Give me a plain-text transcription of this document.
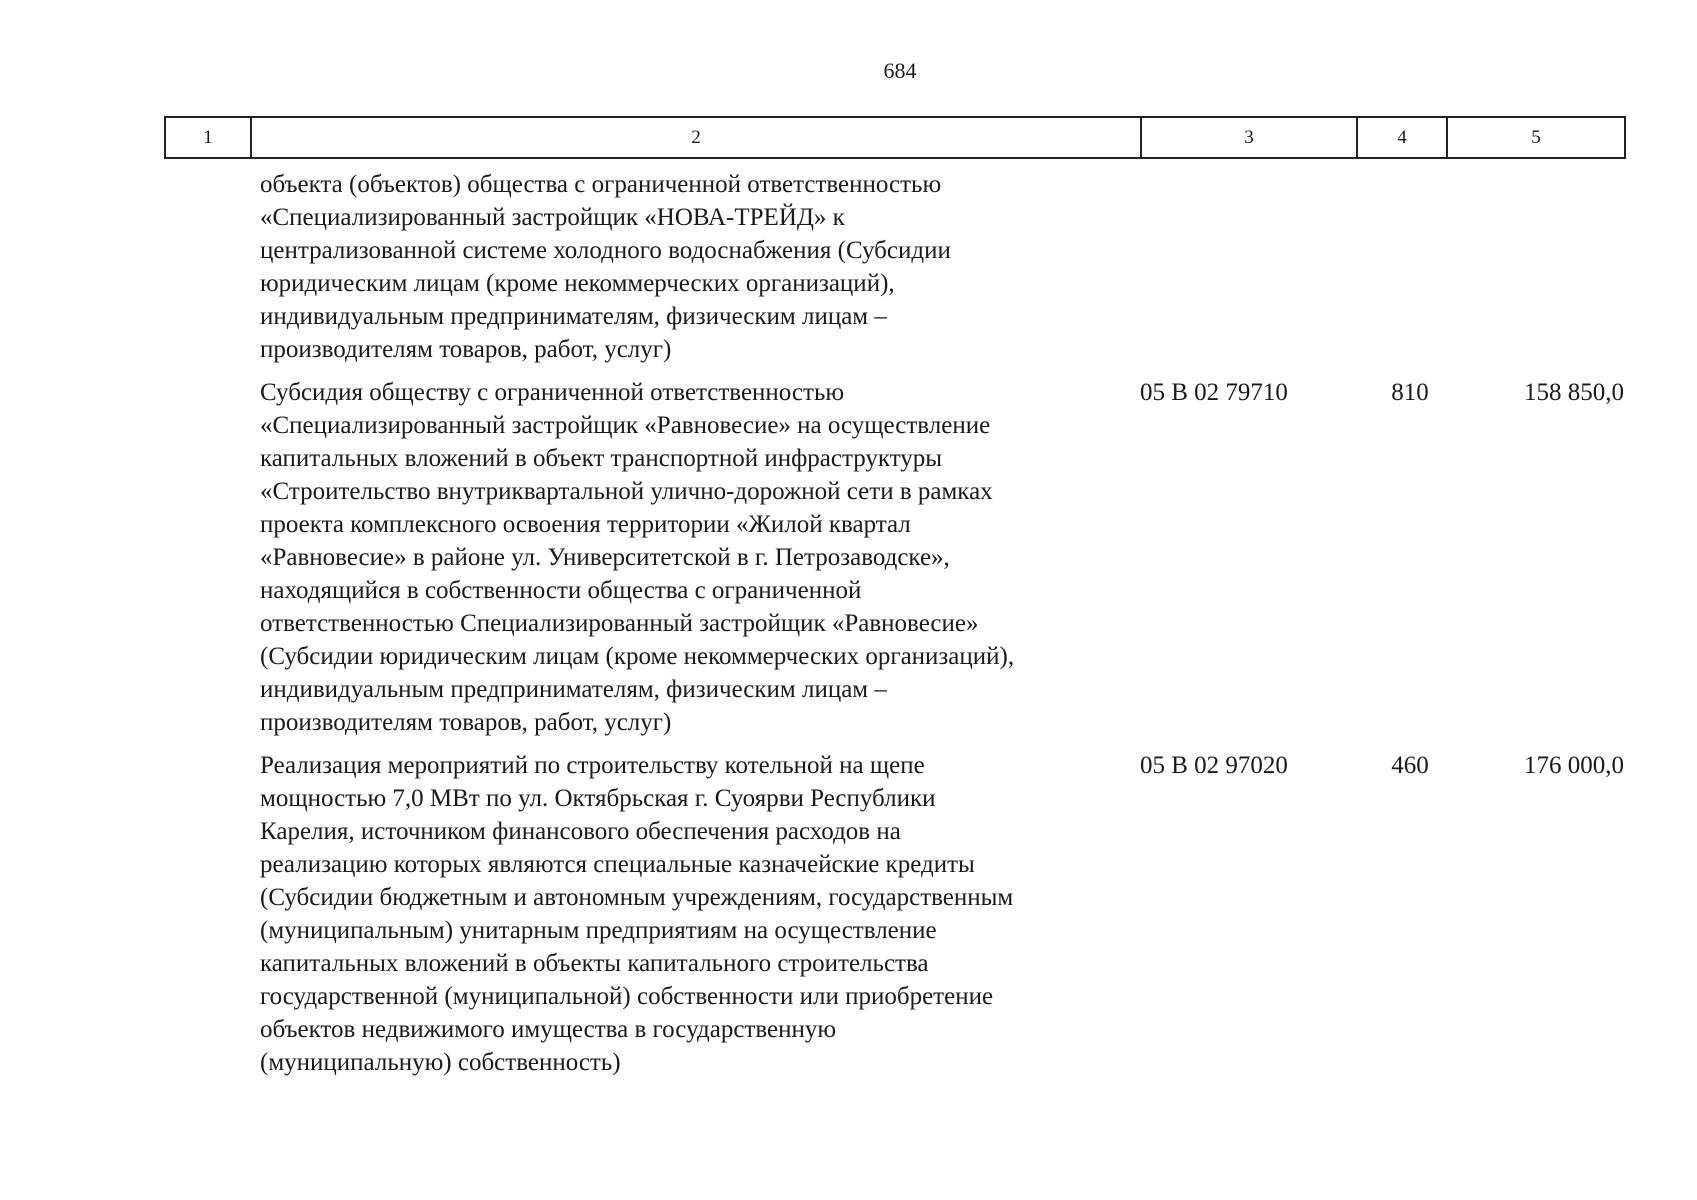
684
1	2	3	4	5
объекта (объектов) общества с ограниченной ответственностью
«Специализированный застройщик «НОВА-ТРЕЙД» к
централизованной системе холодного водоснабжения (Субсидии
юридическим лицам (кроме некоммерческих организаций),
индивидуальным предпринимателям, физическим лицам –
производителям товаров, работ, услуг)
Субсидия обществу с ограниченной ответственностью
«Специализированный застройщик «Равновесие» на осуществление
капитальных вложений в объект транспортной инфраструктуры
«Строительство внутриквартальной улично-дорожной сети в рамках
проекта комплексного освоения территории «Жилой квартал
«Равновесие» в районе ул. Университетской в г. Петрозаводске»,
находящийся в собственности общества с ограниченной
ответственностью Специализированный застройщик «Равновесие»
(Субсидии юридическим лицам (кроме некоммерческих организаций),
индивидуальным предпринимателям, физическим лицам –
производителям товаров, работ, услуг)
05 В 02 79710	810	158 850,0
Реализация мероприятий по строительству котельной на щепе
мощностью 7,0 МВт по ул. Октябрьская г. Суоярви Республики
Карелия, источником финансового обеспечения расходов на
реализацию которых являются специальные казначейские кредиты
(Субсидии бюджетным и автономным учреждениям, государственным
(муниципальным) унитарным предприятиям на осуществление
капитальных вложений в объекты капитального строительства
государственной (муниципальной) собственности или приобретение
объектов недвижимого имущества в государственную
(муниципальную) собственность)
05 В 02 97020	460	176 000,0
